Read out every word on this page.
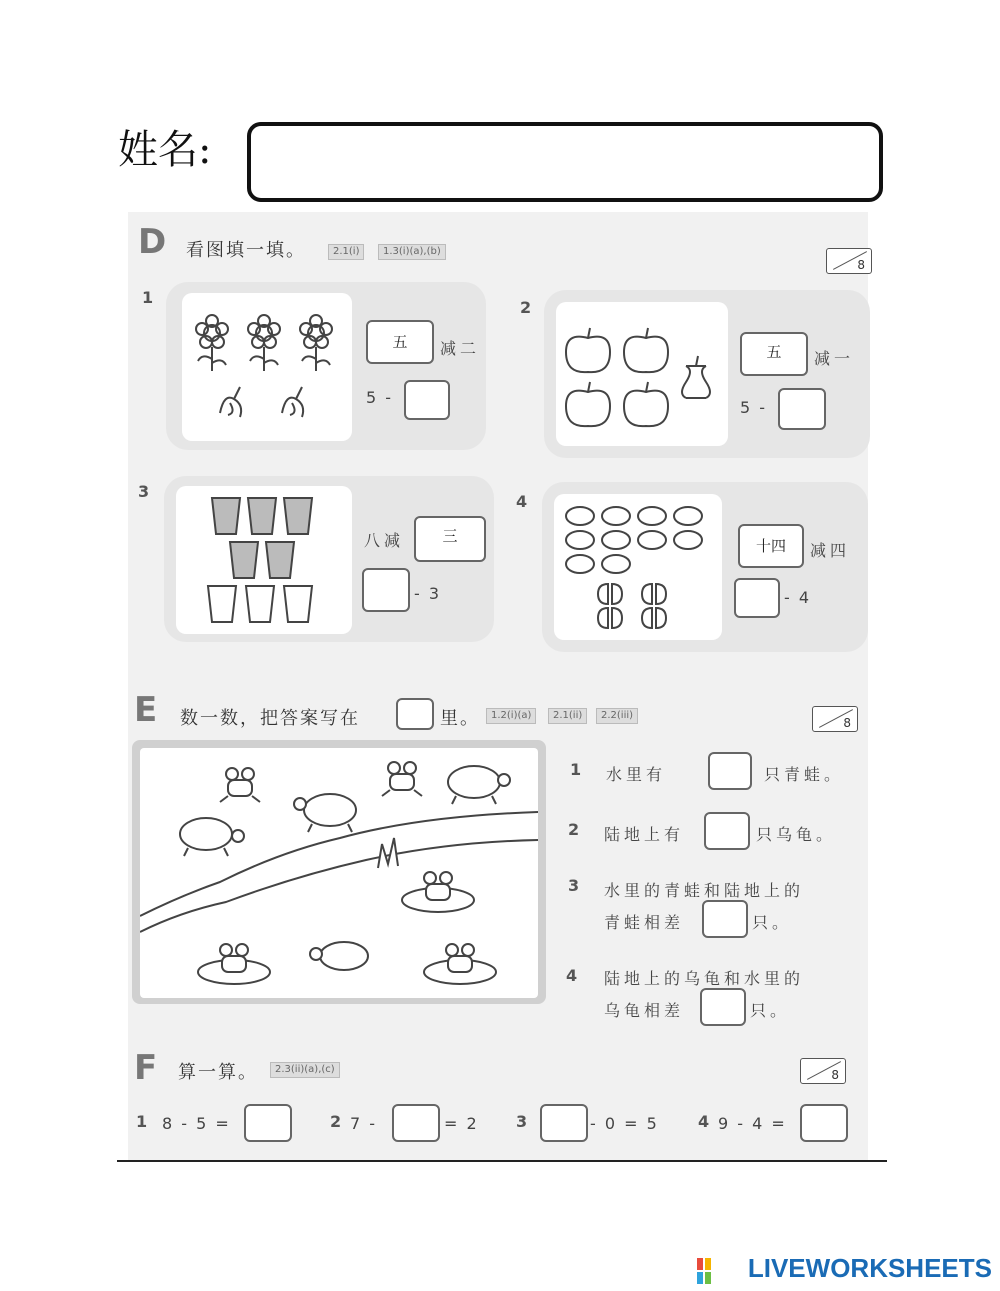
姓名:
D 看图填一填。	2.1(i)	1.3(i)(a),(b)
8
1
五	减二
5 -
2
五	减一
5 -
3
八减	三
- 3
4
十四	减四
- 4
E 数一数，把答案写在	里。	1.2(i)(a)	2.1(ii)	2.2(iii)
8
1 水里有	只青蛙。
2 陆地上有	只乌龟。
3 水里的青蛙和陆地上的
青蛙相差	只。
4 陆地上的乌龟和水里的
乌龟相差	只。
F 算一算。	2.3(ii)(a),(c)	8
1 8 - 5 =	2 7 -	= 2 3	- 0 = 5 4 9 - 4 =
LIVEWORKSHEETS
